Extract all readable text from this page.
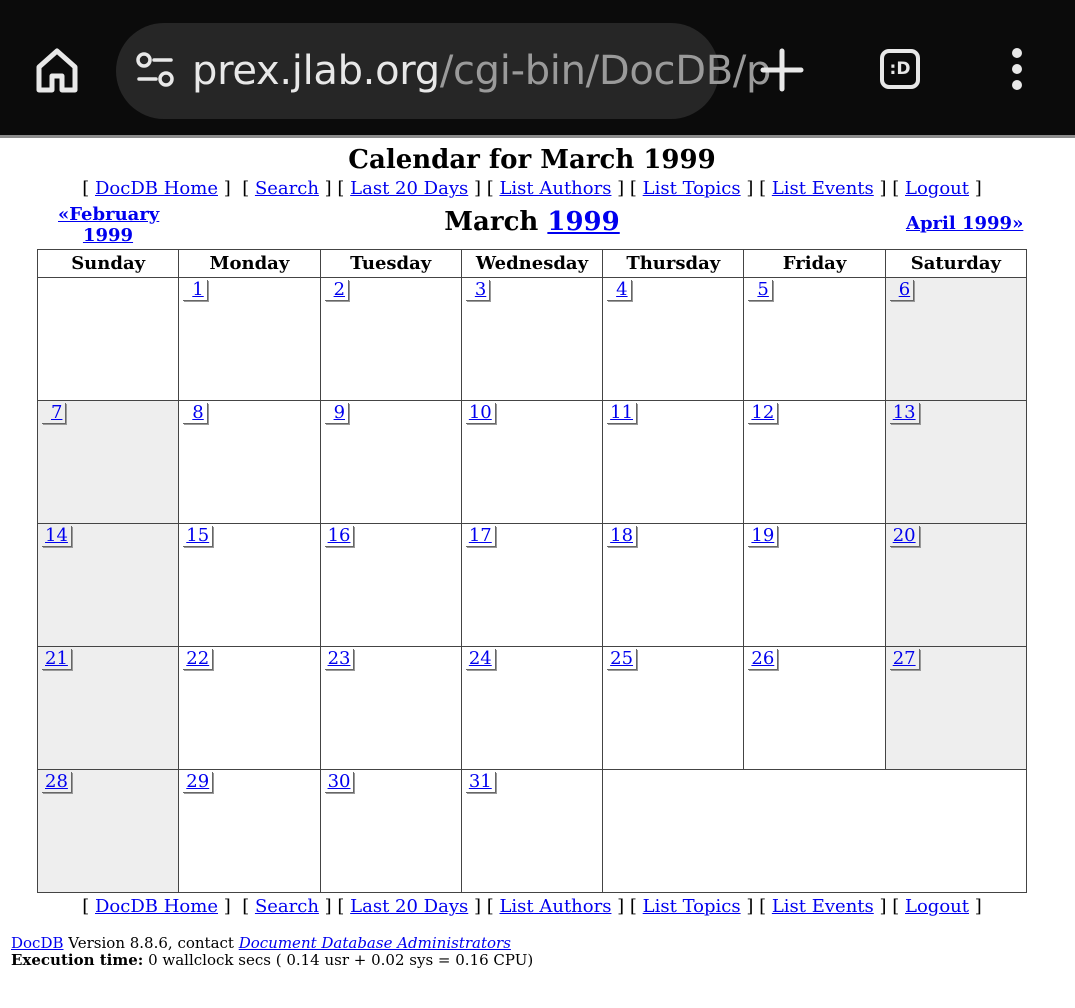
prex.jlab.org/cgi-bin/DocDB/p	:D
Calendar for March 1999
[ DocDB Home ]  [ Search ] [ Last 20 Days ] [ List Authors ] [ List Topics ] [ List Events ] [ Logout ]
«February
1999	March 1999	April 1999»
Sunday	Monday	Tuesday	Wednesday	Thursday	Friday	Saturday
	1	2	3	4	5	6
7	8	9	10	11	12	13
14	15	16	17	18	19	20
21	22	23	24	25	26	27
28	29	30	31			
[ DocDB Home ]  [ Search ] [ Last 20 Days ] [ List Authors ] [ List Topics ] [ List Events ] [ Logout ]
DocDB Version 8.8.6, contact Document Database Administrators
Execution time: 0 wallclock secs ( 0.14 usr + 0.02 sys = 0.16 CPU)
